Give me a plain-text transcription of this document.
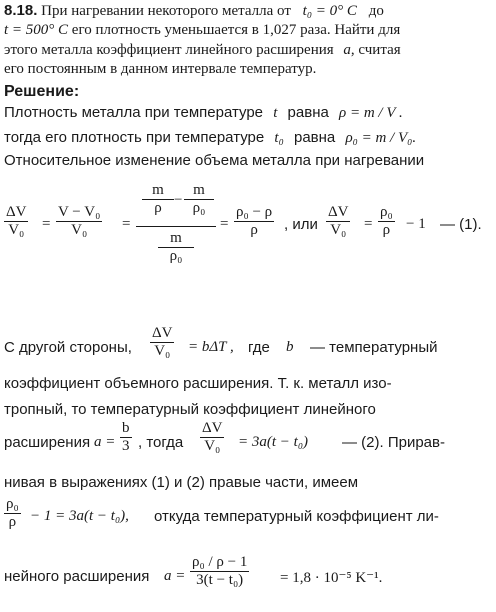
8.18. При нагревании некоторого металла от t₀ = 0° C до
t = 500° C его плотность уменьшается в 1,027 раза. Найти для
этого металла коэффициент линейного расширения a, считая
его постоянным в данном интервале температур.
Решение:
Плотность металла при температуре t равна ρ = m / V .
тогда его плотность при температуре t₀ равна ρ₀ = m / V₀.
Относительное изменение объема металла при нагревании
$\frac{\Delta V}{\text{V₀}} = \frac{\text{V − V₀}}{\text{V₀}}$ =
$\frac{m}{\rho} - \frac{m}{\text{ρ₀}}$
$\frac{m}{\text{ρ₀}}$
= $\frac{\text{ρ₀ − ρ}}{\rho}$ , или $\frac{\Delta V}{\text{V₀}} = \frac{\text{ρ₀}}{\rho} - 1$ — (1).
С другой стороны, $\frac{\Delta V}{\text{V₀}} = b\Delta T$ , где b — температурный
коэффициент объемного расширения. Т. к. металл изо-
тропный, то температурный коэффициент линейного
расширения $a = \frac{b}{3}$ , тогда $\frac{\Delta V}{\text{V₀}} = 3a(t - t_0)$ — (2). Прирав-
нивая в выражениях (1) и (2) правые части, имеем
$\frac{\text{ρ₀}}{\rho} - 1 = 3a(t - t_0)$, откуда температурный коэффициент ли-
нейного расширения $a = \frac{\text{ρ₀ / ρ − 1}}{\text{3(t − t₀)}} = 1,8 \cdot 10^{-5}$ K⁻¹.
